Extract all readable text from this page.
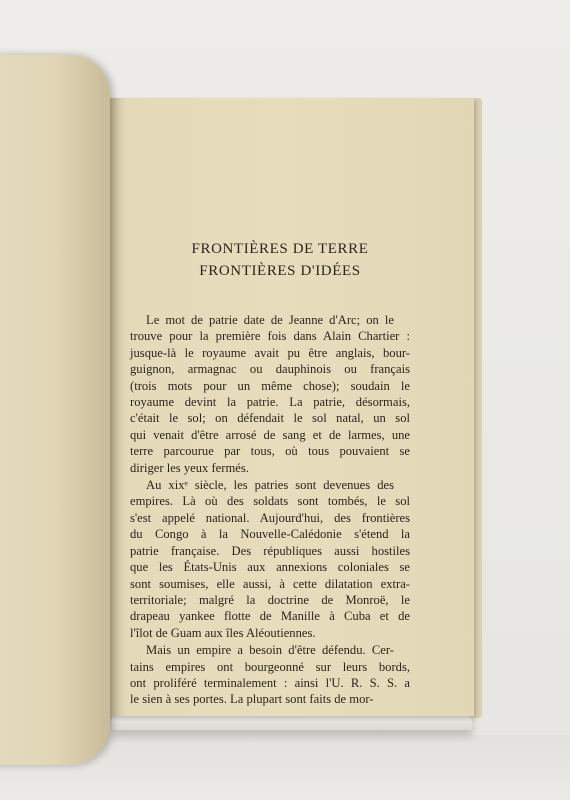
FRONTIÈRES DE TERRE
FRONTIÈRES D'IDÉES

Le mot de patrie date de Jeanne d'Arc; on le
trouve pour la première fois dans Alain Chartier :
jusque-là le royaume avait pu être anglais, bour-
guignon, armagnac ou dauphinois ou français
(trois mots pour un même chose); soudain le
royaume devint la patrie. La patrie, désormais,
c'était le sol; on défendait le sol natal, un sol
qui venait d'être arrosé de sang et de larmes, une
terre parcourue par tous, où tous pouvaient se
diriger les yeux fermés.

Au xixᵉ siècle, les patries sont devenues des
empires. Là où des soldats sont tombés, le sol
s'est appelé national. Aujourd'hui, des frontières
du Congo à la Nouvelle-Calédonie s'étend la
patrie française. Des républiques aussi hostiles
que les États-Unis aux annexions coloniales se
sont soumises, elle aussi, à cette dilatation extra-
territoriale; malgré la doctrine de Monroë, le
drapeau yankee flotte de Manille à Cuba et de
l'îlot de Guam aux îles Aléoutiennes.

Mais un empire a besoin d'être défendu. Cer-
tains empires ont bourgeonné sur leurs bords,
ont proliféré terminalement : ainsi l'U. R. S. S. a
le sien à ses portes. La plupart sont faits de mor-
